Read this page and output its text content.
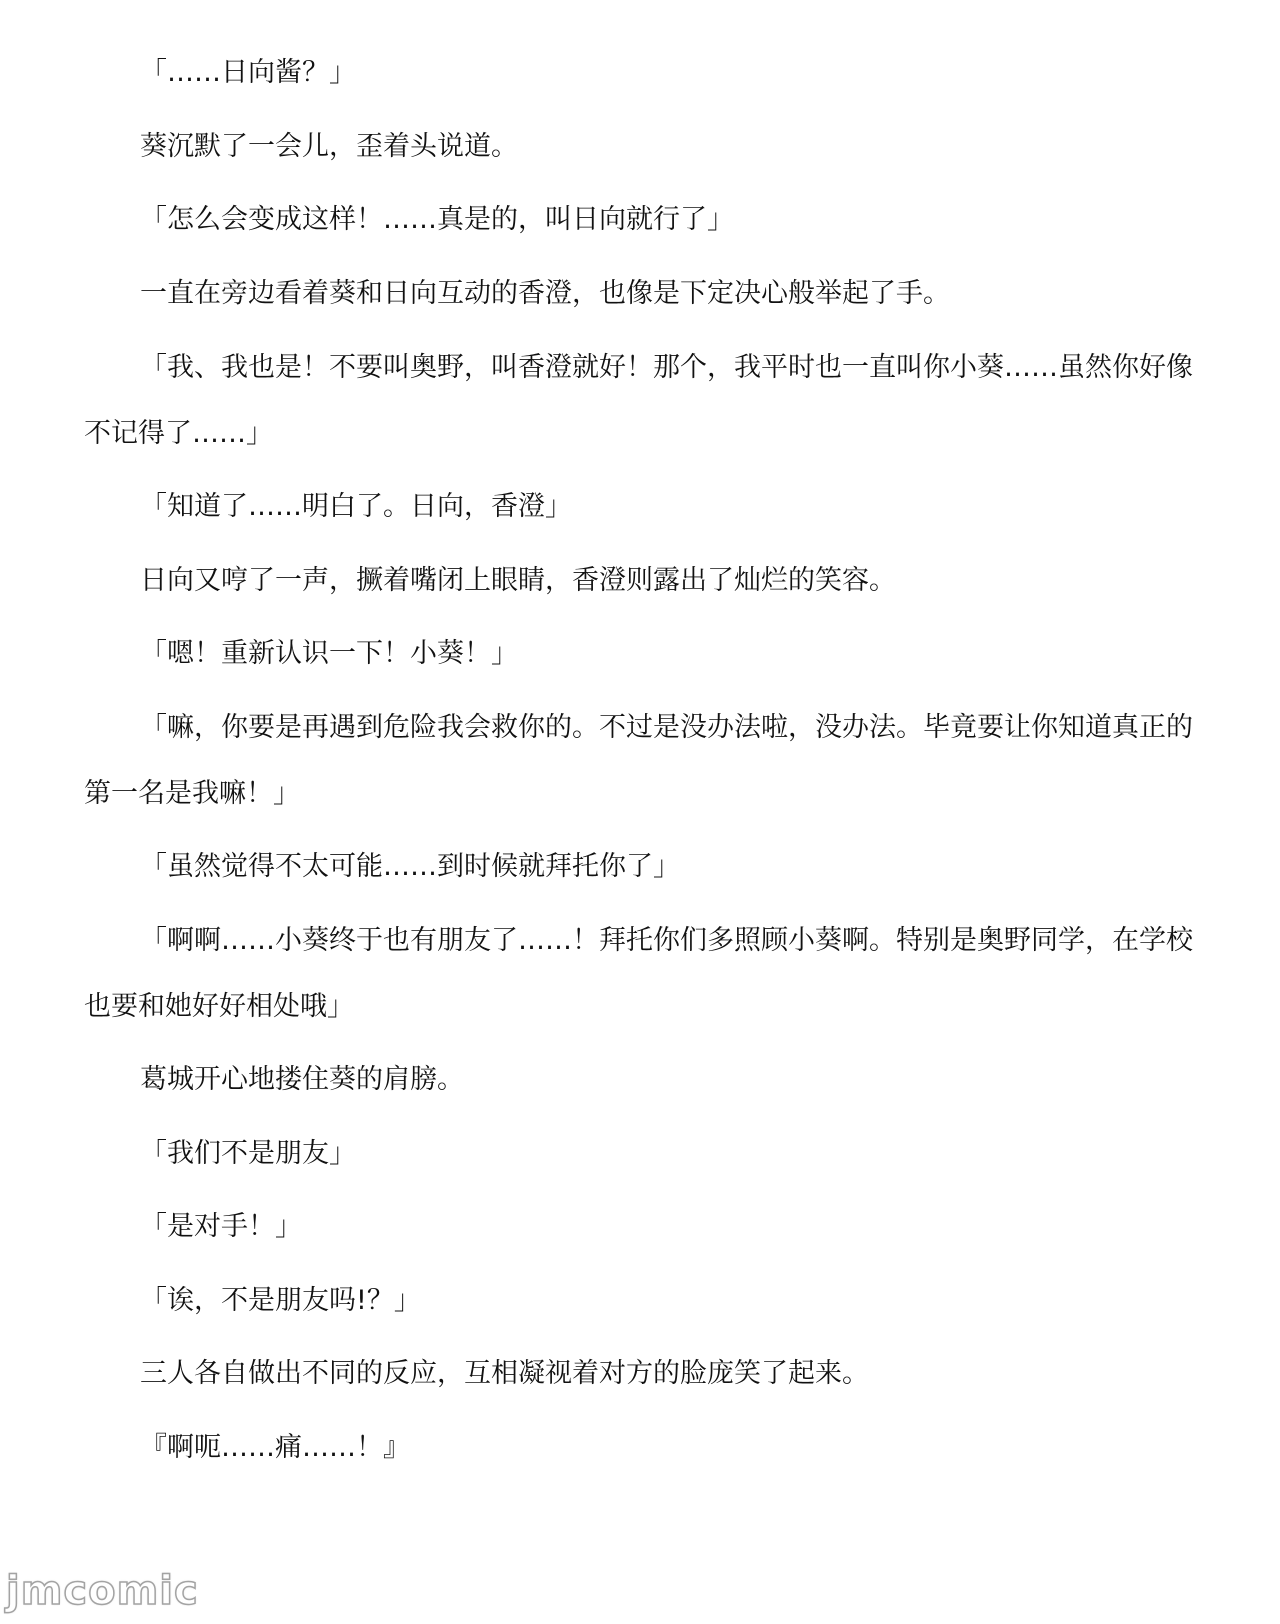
「……日向酱？」

葵沉默了一会儿，歪着头说道。

「怎么会变成这样！……真是的，叫日向就行了」

一直在旁边看着葵和日向互动的香澄，也像是下定决心般举起了手。

「我、我也是！不要叫奥野，叫香澄就好！那个，我平时也一直叫你小葵……虽然你好像不记得了……」

「知道了……明白了。日向，香澄」

日向又哼了一声，撅着嘴闭上眼睛，香澄则露出了灿烂的笑容。

「嗯！重新认识一下！小葵！」

「嘛，你要是再遇到危险我会救你的。不过是没办法啦，没办法。毕竟要让你知道真正的第一名是我嘛！」

「虽然觉得不太可能……到时候就拜托你了」

「啊啊……小葵终于也有朋友了……！拜托你们多照顾小葵啊。特别是奥野同学，在学校也要和她好好相处哦」

葛城开心地搂住葵的肩膀。

「我们不是朋友」

「是对手！」

「诶，不是朋友吗!？」

三人各自做出不同的反应，互相凝视着对方的脸庞笑了起来。

『啊呃……痛……！』

jmcomic
